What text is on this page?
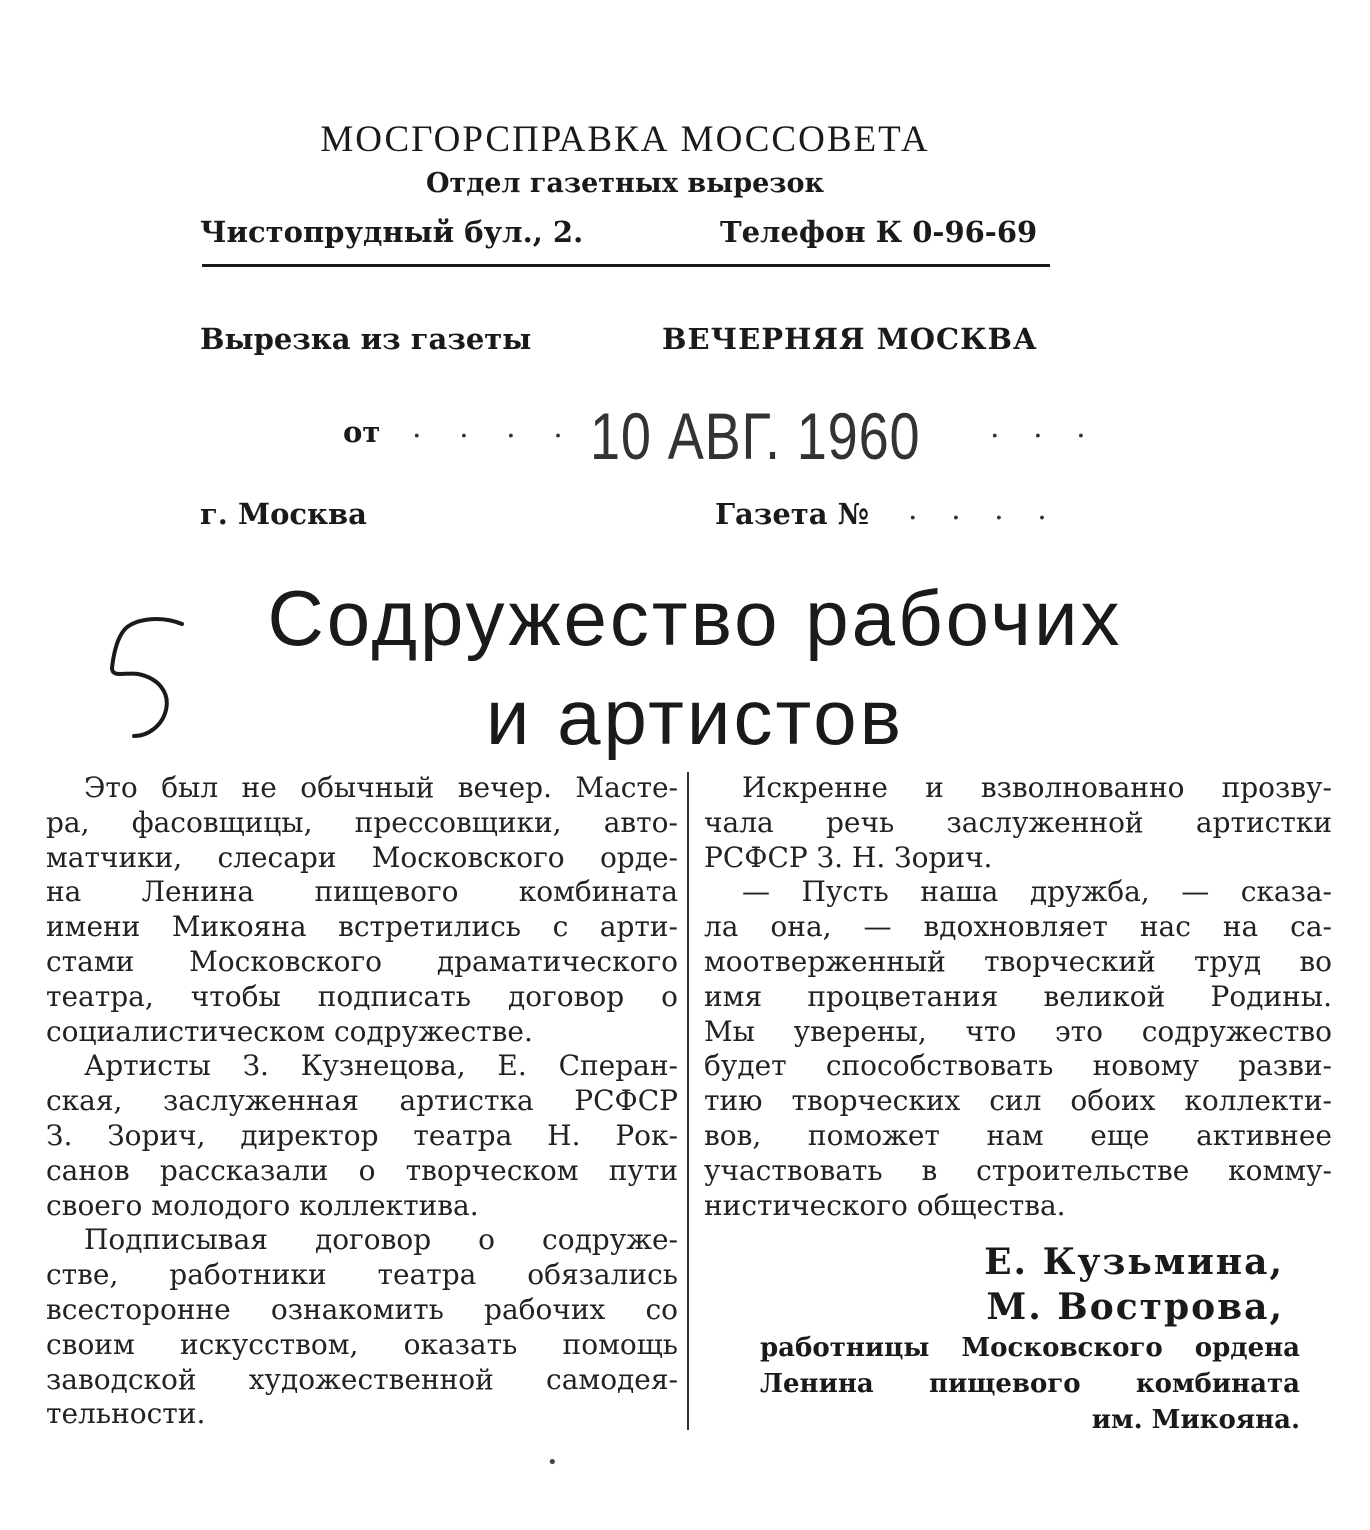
МОСГОРСПРАВКА МОССОВЕТА
Отдел газетных вырезок
Чистопрудный бул., 2.	Телефон К 0-96-69
Вырезка из газеты	ВЕЧЕРНЯЯ МОСКВА
от . . . . 10 АВГ. 1960 . . .
г. Москва	Газета № . . . .
Содружество рабочих
и артистов

Это был не обычный вечер. Масте-

ра, фасовщицы, прессовщики, авто-

матчики, слесари Московского орде-

на Ленина пищевого комбината

имени Микояна встретились с арти-

стами Московского драматического

театра, чтобы подписать договор о

социалистическом содружестве.

Артисты З. Кузнецова, Е. Сперан-

ская, заслуженная артистка РСФСР

З. Зорич, директор театра Н. Рок-

санов рассказали о творческом пути

своего молодого коллектива.

Подписывая договор о содруже-

стве, работники театра обязались

всесторонне ознакомить рабочих со

своим искусством, оказать помощь

заводской художественной самодея-

тельности.

Искренне и взволнованно прозву-

чала речь заслуженной артистки

РСФСР З. Н. Зорич.

— Пусть наша дружба, — сказа-

ла она, — вдохновляет нас на са-

моотверженный творческий труд во

имя процветания великой Родины.

Мы уверены, что это содружество

будет способствовать новому разви-

тию творческих сил обоих коллекти-

вов, поможет нам еще активнее

участвовать в строительстве комму-

нистического общества.

Е. Кузьмина,
М. Вострова,
работницы Московского ордена
Ленина пищевого комбината
им. Микояна.
•
